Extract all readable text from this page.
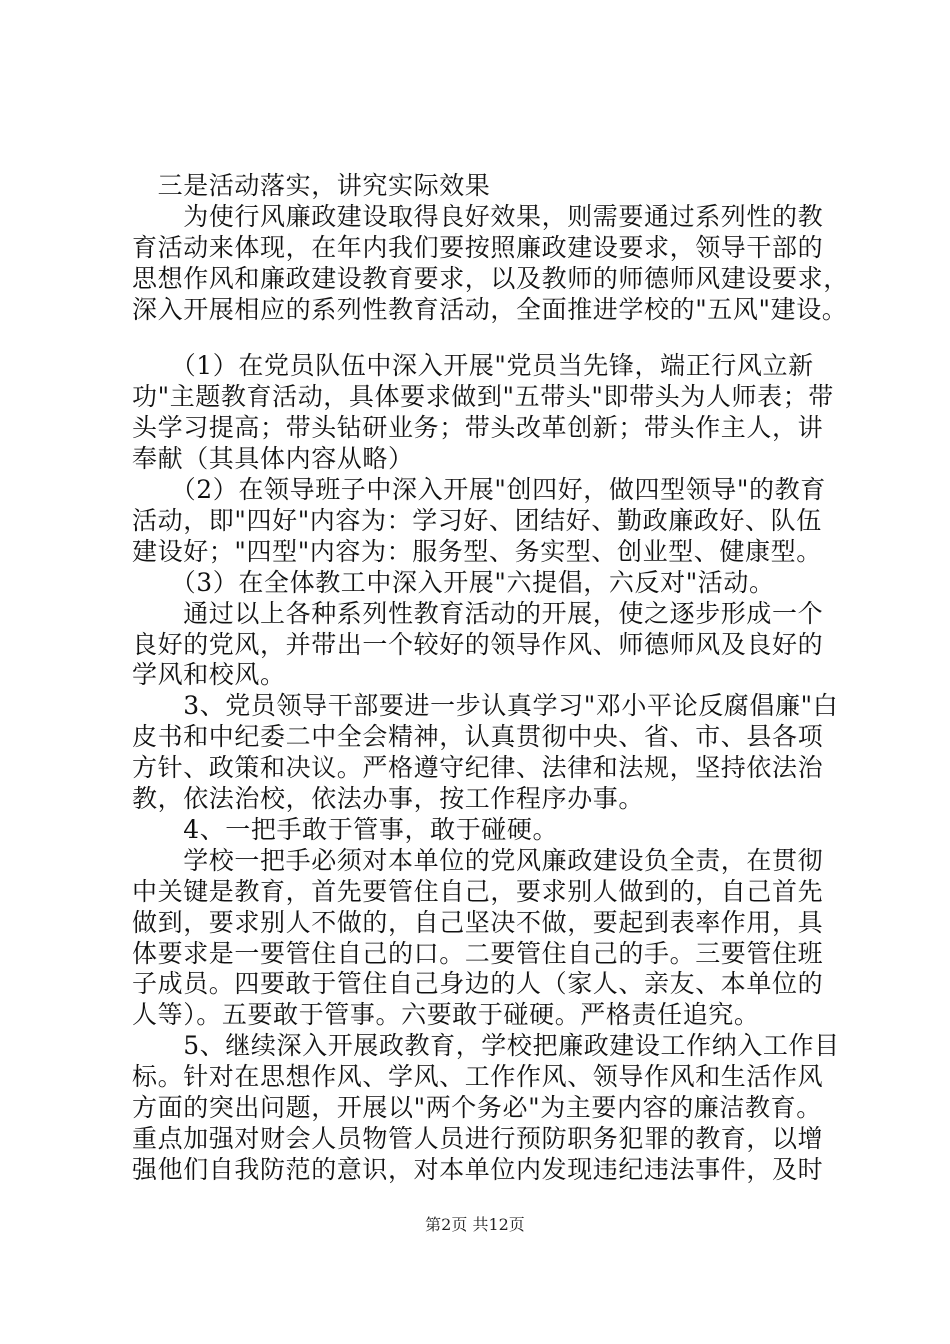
　三是活动落实，讲究实际效果

　　为使行风廉政建设取得良好效果，则需要通过系列性的教

育活动来体现，在年内我们要按照廉政建设要求，领导干部的

思想作风和廉政建设教育要求，以及教师的师德师风建设要求，

深入开展相应的系列性教育活动，全面推进学校的"五风"建设。

　　（1）在党员队伍中深入开展"党员当先锋，端正行风立新

功"主题教育活动，具体要求做到"五带头"即带头为人师表；带

头学习提高；带头钻研业务；带头改革创新；带头作主人，讲

奉献（其具体内容从略）

　　（2）在领导班子中深入开展"创四好，做四型领导"的教育

活动，即"四好"内容为：学习好、团结好、勤政廉政好、队伍

建设好；"四型"内容为：服务型、务实型、创业型、健康型。

　　（3）在全体教工中深入开展"六提倡，六反对"活动。

　　通过以上各种系列性教育活动的开展，使之逐步形成一个

良好的党风，并带出一个较好的领导作风、师德师风及良好的

学风和校风。

　　3、党员领导干部要进一步认真学习"邓小平论反腐倡廉"白

皮书和中纪委二中全会精神，认真贯彻中央、省、市、县各项

方针、政策和决议。严格遵守纪律、法律和法规，坚持依法治

教，依法治校，依法办事，按工作程序办事。

　　4、一把手敢于管事，敢于碰硬。

　　学校一把手必须对本单位的党风廉政建设负全责，在贯彻

中关键是教育，首先要管住自己，要求别人做到的，自己首先

做到，要求别人不做的，自己坚决不做，要起到表率作用，具

体要求是一要管住自己的口。二要管住自己的手。三要管住班

子成员。四要敢于管住自己身边的人（家人、亲友、本单位的

人等）。五要敢于管事。六要敢于碰硬。严格责任追究。

　　5、继续深入开展政教育，学校把廉政建设工作纳入工作目

标。针对在思想作风、学风、工作作风、领导作风和生活作风

方面的突出问题，开展以"两个务必"为主要内容的廉洁教育。

重点加强对财会人员物管人员进行预防职务犯罪的教育，以增

强他们自我防范的意识，对本单位内发现违纪违法事件，及时

第2页 共12页
